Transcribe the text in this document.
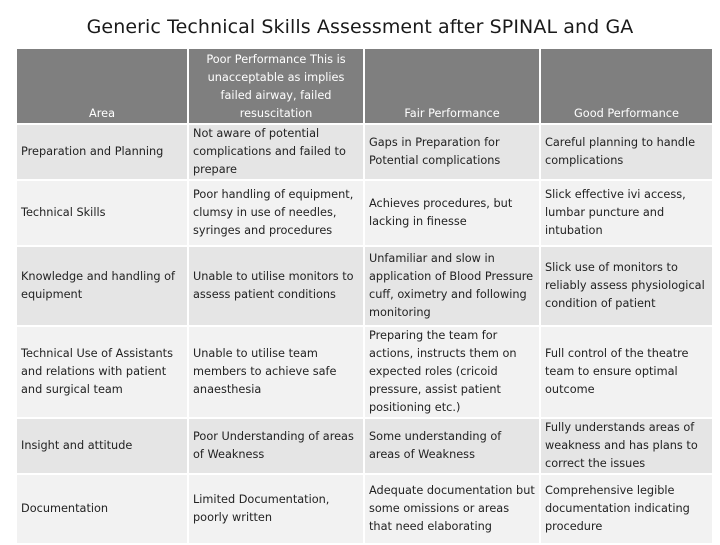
Generic Technical Skills Assessment after SPINAL and GA
Area	Poor Performance This is unacceptable as implies failed airway, failed resuscitation	Fair Performance	Good Performance
Preparation and Planning	Not aware of potential complications and failed to prepare	Gaps in Preparation for Potential complications	Careful planning to handle complications
Technical Skills	Poor handling of equipment, clumsy in use of needles, syringes and procedures	Achieves procedures, but lacking in finesse	Slick effective ivi access, lumbar puncture and intubation
Knowledge and handling of equipment	Unable to utilise monitors to assess patient conditions	Unfamiliar and slow in application of Blood Pressure cuff, oximetry and following monitoring	Slick use of monitors to reliably assess physiological condition of patient
Technical Use of Assistants and relations with patient and surgical team	Unable to utilise team members to achieve safe anaesthesia	Preparing the team for actions, instructs them on expected roles (cricoid pressure, assist patient positioning etc.)	Full control of the theatre team to ensure optimal outcome
Insight and attitude	Poor Understanding of areas of Weakness	Some understanding of areas of Weakness	Fully understands areas of weakness and has plans to correct the issues
Documentation	Limited Documentation, poorly written	Adequate documentation but some omissions or areas that need elaborating	Comprehensive legible documentation indicating procedure
